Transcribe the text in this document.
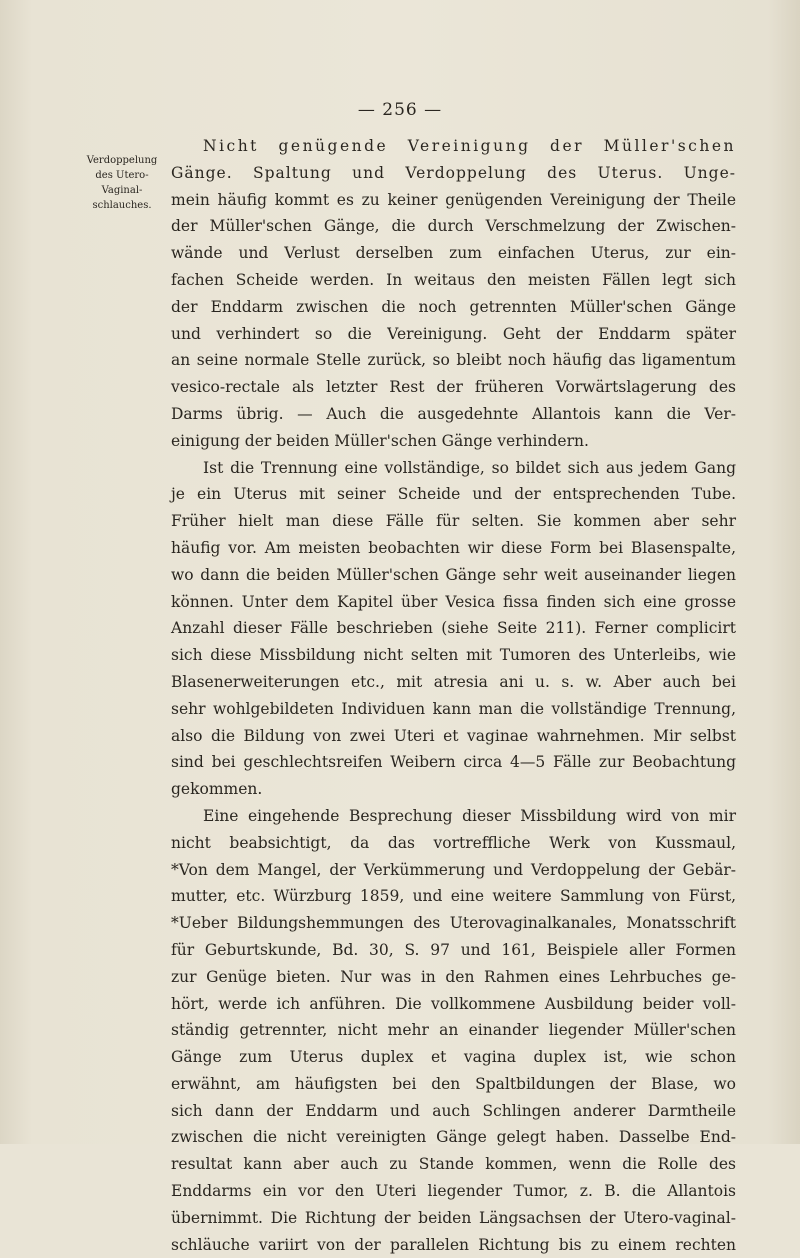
— 256 —
Verdoppelung
des Utero-
Vaginal-
schlauches.
Nicht genügende Vereinigung der Müller'schen
Gänge. Spaltung und Verdoppelung des Uterus. Unge-
mein häufig kommt es zu keiner genügenden Vereinigung der Theile
der Müller'schen Gänge, die durch Verschmelzung der Zwischen-
wände und Verlust derselben zum einfachen Uterus, zur ein-
fachen Scheide werden. In weitaus den meisten Fällen legt sich
der Enddarm zwischen die noch getrennten Müller'schen Gänge
und verhindert so die Vereinigung. Geht der Enddarm später
an seine normale Stelle zurück, so bleibt noch häufig das ligamentum
vesico-rectale als letzter Rest der früheren Vorwärtslagerung des
Darms übrig. — Auch die ausgedehnte Allantois kann die Ver-
einigung der beiden Müller'schen Gänge verhindern.
Ist die Trennung eine vollständige, so bildet sich aus jedem Gang
je ein Uterus mit seiner Scheide und der entsprechenden Tube.
Früher hielt man diese Fälle für selten. Sie kommen aber sehr
häufig vor. Am meisten beobachten wir diese Form bei Blasenspalte,
wo dann die beiden Müller'schen Gänge sehr weit auseinander liegen
können. Unter dem Kapitel über Vesica fissa finden sich eine grosse
Anzahl dieser Fälle beschrieben (siehe Seite 211). Ferner complicirt
sich diese Missbildung nicht selten mit Tumoren des Unterleibs, wie
Blasenerweiterungen etc., mit atresia ani u. s. w. Aber auch bei
sehr wohlgebildeten Individuen kann man die vollständige Trennung,
also die Bildung von zwei Uteri et vaginae wahrnehmen. Mir selbst
sind bei geschlechtsreifen Weibern circa 4—5 Fälle zur Beobachtung
gekommen.
Eine eingehende Besprechung dieser Missbildung wird von mir
nicht beabsichtigt, da das vortreffliche Werk von Kussmaul,
*Von dem Mangel, der Verkümmerung und Verdoppelung der Gebär-
mutter, etc. Würzburg 1859, und eine weitere Sammlung von Fürst,
*Ueber Bildungshemmungen des Uterovaginalkanales, Monatsschrift
für Geburtskunde, Bd. 30, S. 97 und 161, Beispiele aller Formen
zur Genüge bieten. Nur was in den Rahmen eines Lehrbuches ge-
hört, werde ich anführen. Die vollkommene Ausbildung beider voll-
ständig getrennter, nicht mehr an einander liegender Müller'schen
Gänge zum Uterus duplex et vagina duplex ist, wie schon
erwähnt, am häufigsten bei den Spaltbildungen der Blase, wo
sich dann der Enddarm und auch Schlingen anderer Darmtheile
zwischen die nicht vereinigten Gänge gelegt haben. Dasselbe End-
resultat kann aber auch zu Stande kommen, wenn die Rolle des
Enddarms ein vor den Uteri liegender Tumor, z. B. die Allantois
übernimmt. Die Richtung der beiden Längsachsen der Utero-vaginal-
schläuche variirt von der parallelen Richtung bis zu einem rechten
